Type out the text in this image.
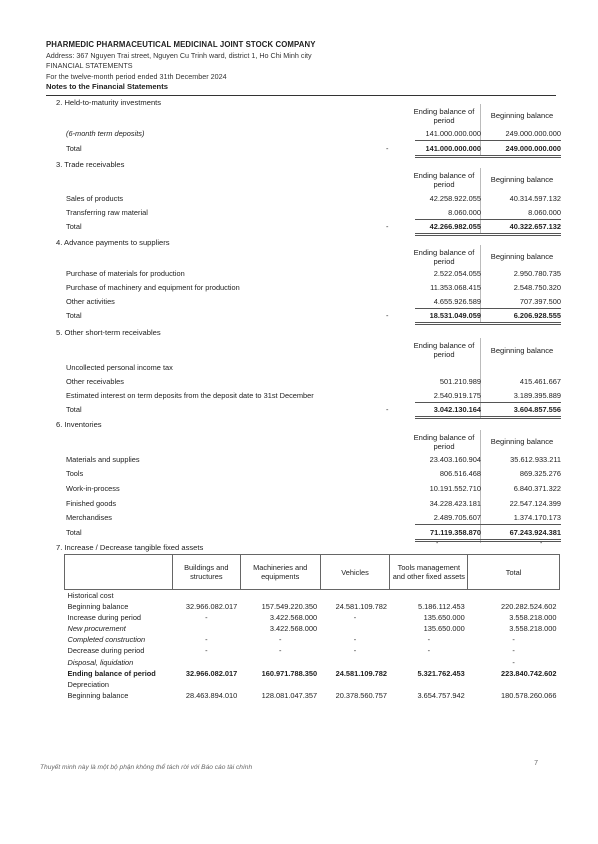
PHARMEDIC PHARMACEUTICAL MEDICINAL JOINT STOCK COMPANY
Address: 367 Nguyen Trai street, Nguyen Cu Trinh ward, district 1, Ho Chi Minh city
FINANCIAL STATEMENTS
For the twelve-month period ended 31th December 2024
Notes to the Financial Statements
2. Held-to-maturity investments
Ending balance of period
Beginning balance
(6-month term deposits)	141.000.000.000	249.000.000.000
Total	-	141.000.000.000	249.000.000.000
3. Trade receivables
Ending balance of period
Beginning balance
Sales of products	42.258.922.055	40.314.597.132
Transferring raw material	8.060.000	8.060.000
Total	-	42.266.982.055	40.322.657.132
4. Advance payments to suppliers
Ending balance of period
Beginning balance
Purchase of materials for production	2.522.054.055	2.950.780.735
Purchase of machinery and equipment for production	11.353.068.415	2.548.750.320
Other activities	4.655.926.589	707.397.500
Total	-	18.531.049.059	6.206.928.555
5. Other short-term receivables
Ending balance of period	Beginning balance
Uncollected personal income tax
Other receivables	501.210.989	415.461.667
Estimated interest on term deposits from the deposit date to 31st December	2.540.919.175	3.189.395.889
Total	-	3.042.130.164	3.604.857.556
6. Inventories
Ending balance of period
Beginning balance
Materials and supplies	23.403.160.904	35.612.933.211
Tools	806.516.468	869.325.276
Work-in-process	10.191.552.710	6.840.371.322
Finished goods	34.228.423.181	22.547.124.399
Merchandises	2.489.705.607	1.374.170.173
Total	71.119.358.870	67.243.924.381
7. Increase / Decrease tangible fixed assets	-	-
	Buildings and structures	Machineries and equipments	Vehicles	Tools management and other fixed assets	Total
Historical cost					
Beginning balance	32.966.082.017	157.549.220.350	24.581.109.782	5.186.112.453	220.282.524.602
Increase during period	-	3.422.568.000	-	135.650.000	3.558.218.000
New procurement		3.422.568.000		135.650.000	3.558.218.000
Completed construction	-	-	-	-	-
Decrease during period	-	-	-	-	-
Disposal, liquidation					-
Ending balance of period	32.966.082.017	160.971.788.350	24.581.109.782	5.321.762.453	223.840.742.602
Depreciation					
Beginning balance	28.463.894.010	128.081.047.357	20.378.560.757	3.654.757.942	180.578.260.066
Thuyết minh này là một bộ phận không thể tách rời với Báo cáo tài chính
7
